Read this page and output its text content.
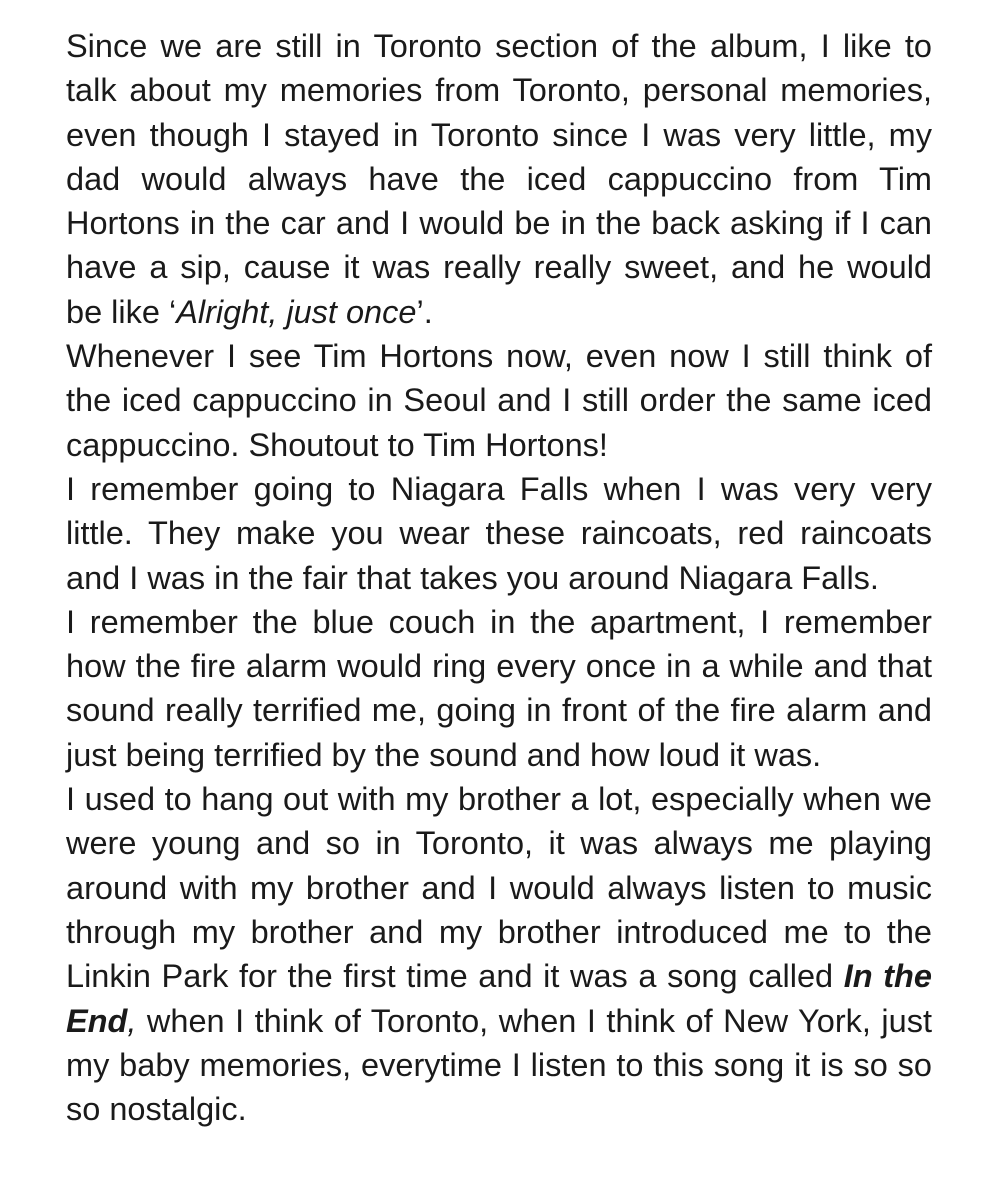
Since we are still in Toronto section of the album, I like to talk about my memories from Toronto, personal memories, even though I stayed in Toronto since I was very little, my dad would always have the iced cappuccino from Tim Hortons in the car and I would be in the back asking if I can have a sip, cause it was really really sweet, and he would be like ‘Alright, just once’.

Whenever I see Tim Hortons now, even now I still think of the iced cappuccino in Seoul and I still order the same iced cappuccino. Shoutout to Tim Hortons!

I remember going to Niagara Falls when I was very very little. They make you wear these raincoats, red raincoats and I was in the fair that takes you around Niagara Falls.

I remember the blue couch in the apartment, I remember how the fire alarm would ring every once in a while and that sound really terrified me, going in front of the fire alarm and just being terrified by the sound and how loud it was.

I used to hang out with my brother a lot, especially when we were young and so in Toronto, it was always me playing around with my brother and I would always listen to music through my brother and my brother introduced me to the Linkin Park for the first time and it was a song called In the End, when I think of Toronto, when I think of New York, just my baby memories, everytime I listen to this song it is so so so nostalgic.
